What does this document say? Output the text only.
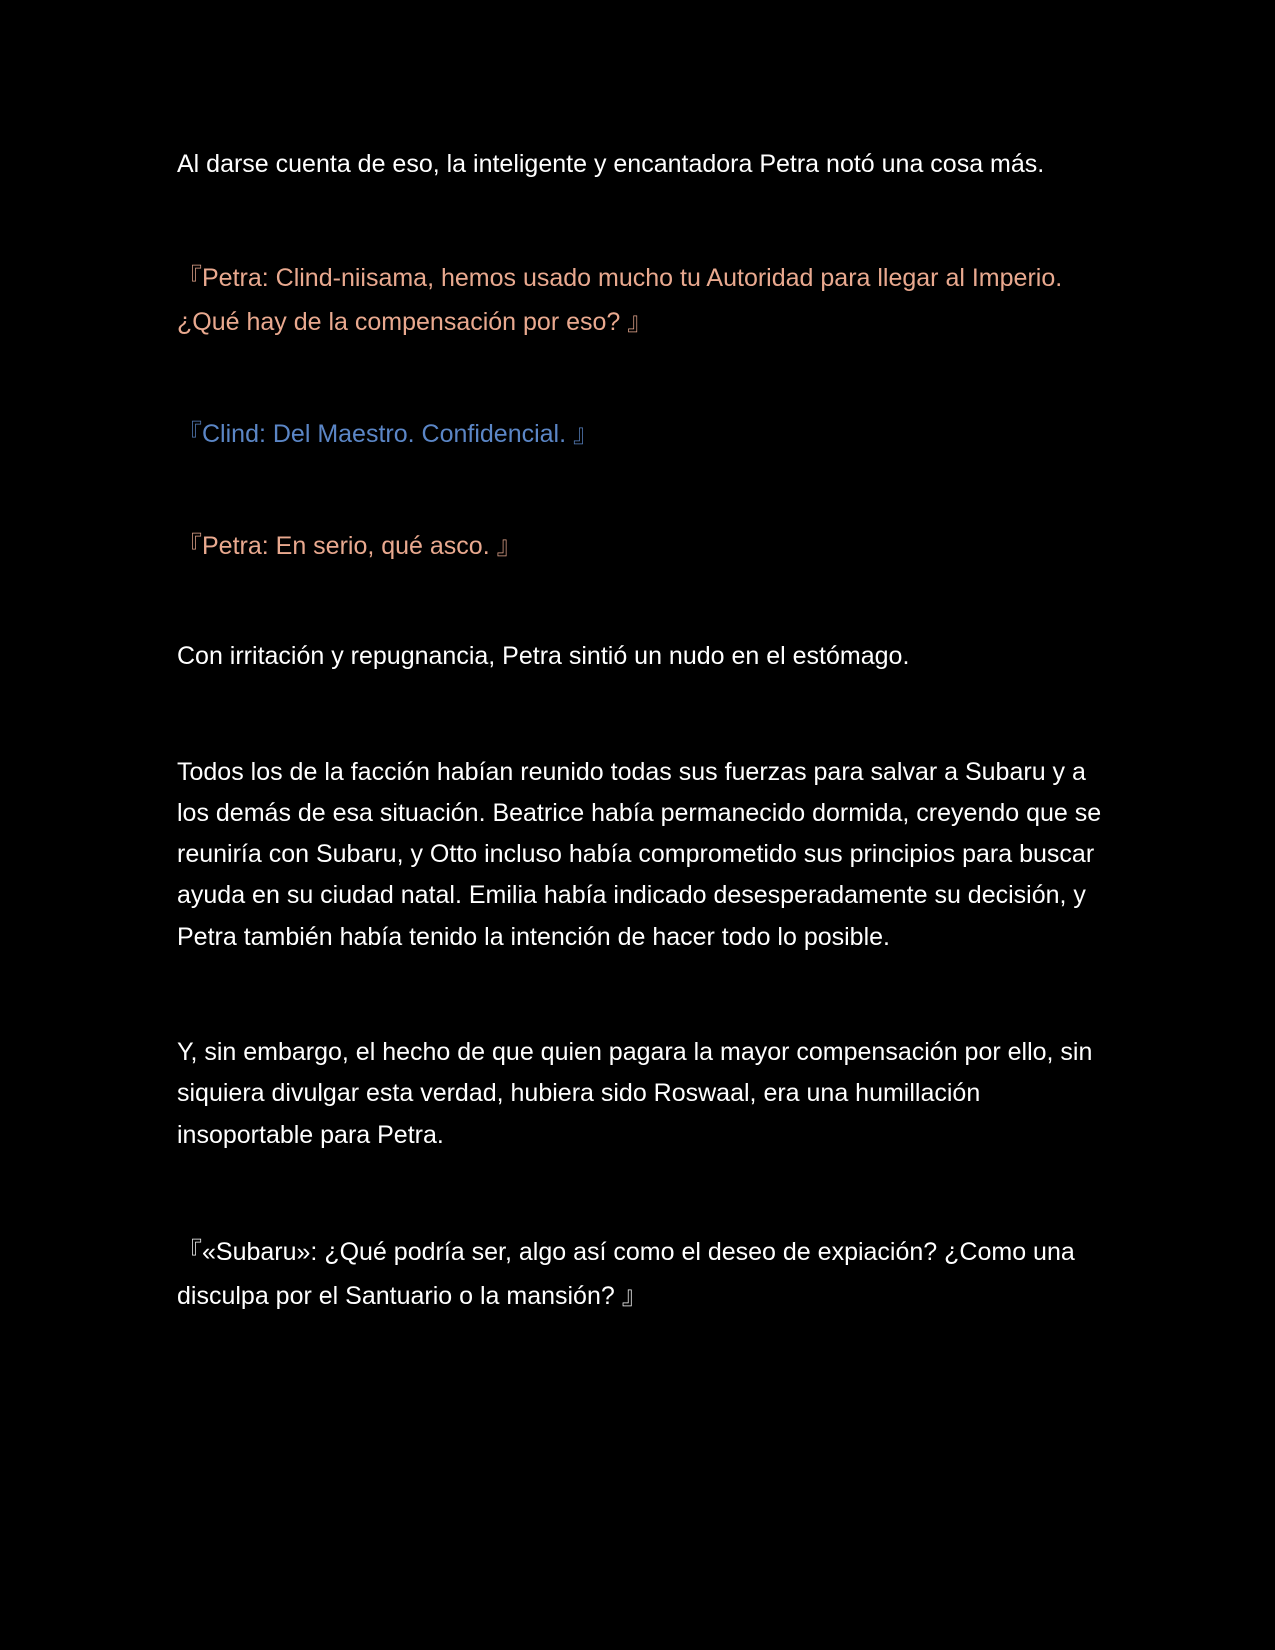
Al darse cuenta de eso, la inteligente y encantadora Petra notó una cosa más.

『Petra: Clind-niisama, hemos usado mucho tu Autoridad para llegar al Imperio. ¿Qué hay de la compensación por eso? 』

『Clind: Del Maestro. Confidencial. 』

『Petra: En serio, qué asco. 』

Con irritación y repugnancia, Petra sintió un nudo en el estómago.

Todos los de la facción habían reunido todas sus fuerzas para salvar a Subaru y a los demás de esa situación. Beatrice había permanecido dormida, creyendo que se reuniría con Subaru, y Otto incluso había comprometido sus principios para buscar ayuda en su ciudad natal. Emilia había indicado desesperadamente su decisión, y Petra también había tenido la intención de hacer todo lo posible.

Y, sin embargo, el hecho de que quien pagara la mayor compensación por ello, sin siquiera divulgar esta verdad, hubiera sido Roswaal, era una humillación insoportable para Petra.

『«Subaru»: ¿Qué podría ser, algo así como el deseo de expiación? ¿Como una disculpa por el Santuario o la mansión? 』
